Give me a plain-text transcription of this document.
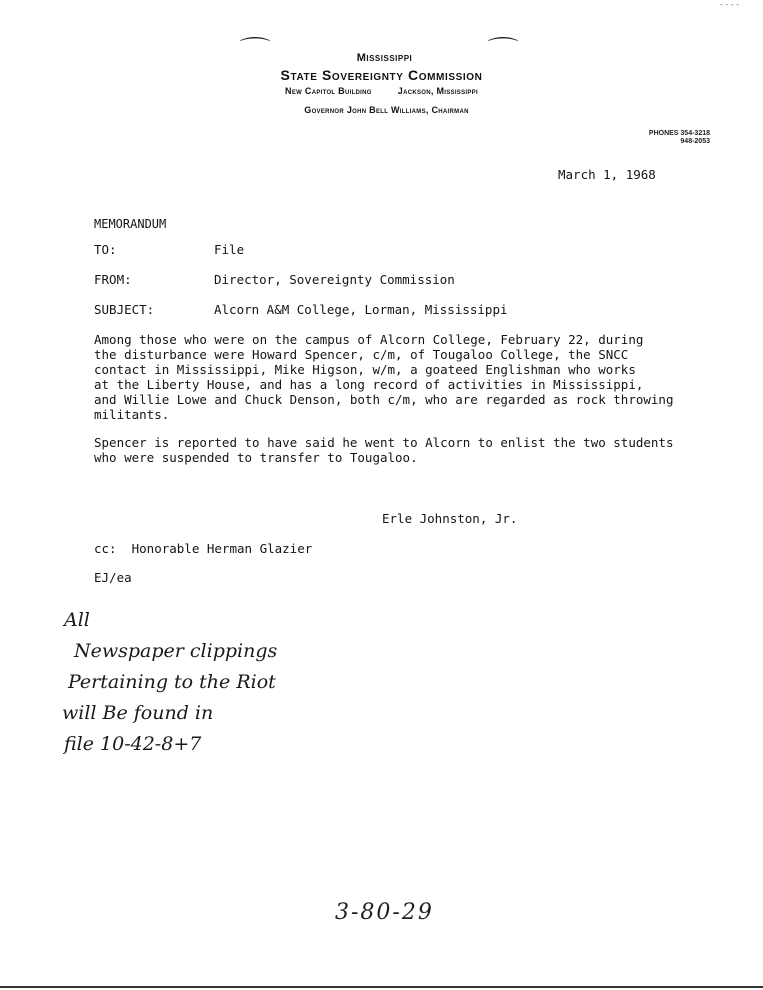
- - - -
⌒	⌒
Mississippi
State Sovereignty Commission
New Capitol Building	Jackson, Mississippi
Governor John Bell Williams, Chairman
PHONES 354-3218
948-2053
March 1, 1968
MEMORANDUM
TO:	File
FROM:	Director, Sovereignty Commission
SUBJECT:	Alcorn A&M College, Lorman, Mississippi
Among those who were on the campus of Alcorn College, February 22, during
the disturbance were Howard Spencer, c/m, of Tougaloo College, the SNCC
contact in Mississippi, Mike Higson, w/m, a goateed Englishman who works
at the Liberty House, and has a long record of activities in Mississippi,
and Willie Lowe and Chuck Denson, both c/m, who are regarded as rock throwing
militants.
Spencer is reported to have said he went to Alcorn to enlist the two students
who were suspended to transfer to Tougaloo.
Erle Johnston, Jr.
cc:  Honorable Herman Glazier
EJ/ea
All
Newspaper clippings
Pertaining to the Riot
will Be found in
file 10-42-8+7
3-80-29
